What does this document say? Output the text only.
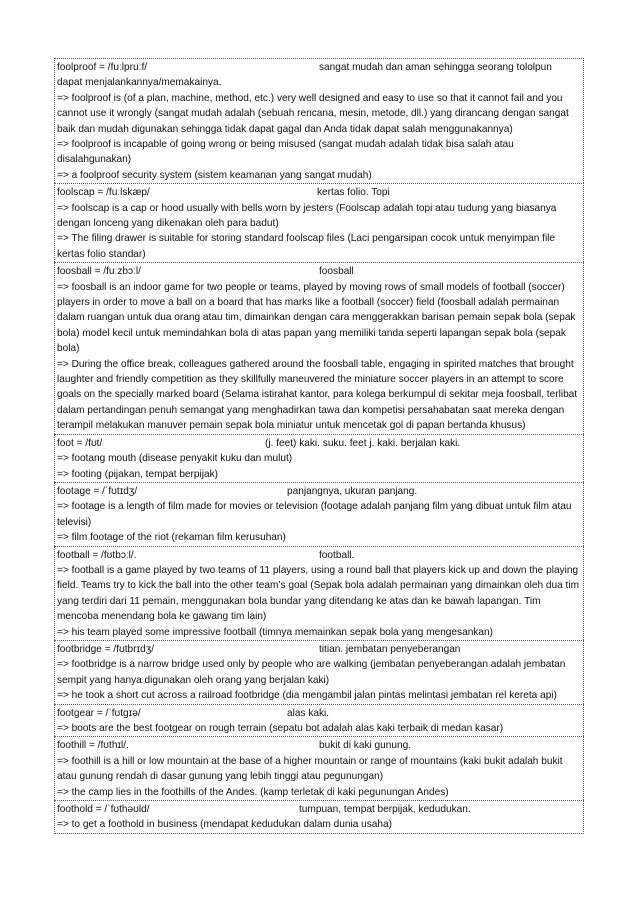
foolproof = /fuːlpruːf/	sangat mudah dan aman sehingga seorang tololpun
dapat menjalankannya/memakainya.
=> foolproof is (of a plan, machine, method, etc.) very well designed and easy to use so that it cannot fail and you cannot use it wrongly (sangat mudah adalah (sebuah rencana, mesin, metode, dll.) yang dirancang dengan sangat baik dan mudah digunakan sehingga tidak dapat gagal dan Anda tidak dapat salah menggunakannya)
=> foolproof is incapable of going wrong or being misused (sangat mudah adalah tidak bisa salah atau disalahgunakan)
=> a foolproof security system (sistem keamanan yang sangat mudah)
foolscap = /fuːlskæp/	kertas folio. Topi
=> foolscap is a cap or hood usually with bells worn by jesters (Foolscap adalah topi atau tudung yang biasanya dengan lonceng yang dikenakan oleh para badut)
=> The filing drawer is suitable for storing standard foolscap files (Laci pengarsipan cocok untuk menyimpan file kertas folio standar)
foosball = /fuːzbɔːl/	foosball
=> foosball is an indoor game for two people or teams, played by moving rows of small models of football (soccer) players in order to move a ball on a board that has marks like a football (soccer) field (foosball adalah permainan dalam ruangan untuk dua orang atau tim, dimainkan dengan cara menggerakkan barisan pemain sepak bola (sepak bola) model kecil untuk memindahkan bola di atas papan yang memiliki tanda seperti lapangan sepak bola (sepak bola)
=> During the office break, colleagues gathered around the foosball table, engaging in spirited matches that brought laughter and friendly competition as they skillfully maneuvered the miniature soccer players in an attempt to score goals on the specially marked board (Selama istirahat kantor, para kolega berkumpul di sekitar meja foosball, terlibat dalam pertandingan penuh semangat yang menghadirkan tawa dan kompetisi persahabatan saat mereka dengan terampil melakukan manuver pemain sepak bola miniatur untuk mencetak gol di papan bertanda khusus)
foot = /fʊt/	(j. feet) kaki. suku. feet j. kaki. berjalan kaki.
=> footang mouth (disease penyakit kuku dan mulut)
=> footing (pijakan, tempat berpijak)
footage = /ˈfʊtɪdʒ/	panjangnya, ukuran panjang.
=> footage is a length of film made for movies or television (footage adalah panjang film yang dibuat untuk film atau televisi)
=> film footage of the riot (rekaman film kerusuhan)
football = /fʊtbɔːl/.	football.
=> football is a game played by two teams of 11 players, using a round ball that players kick up and down the playing field. Teams try to kick the ball into the other team’s goal (Sepak bola adalah permainan yang dimainkan oleh dua tim yang terdiri dari 11 pemain, menggunakan bola bundar yang ditendang ke atas dan ke bawah lapangan. Tim mencoba menendang bola ke gawang tim lain)
=> his team played some impressive football (timnya memainkan sepak bola yang mengesankan)
footbridge = /fʊtbrɪdʒ/	titian. jembatan penyeberangan
=> footbridge is a narrow bridge used only by people who are walking (jembatan penyeberangan adalah jembatan sempit yang hanya digunakan oleh orang yang berjalan kaki)
=> he took a short cut across a railroad footbridge (dia mengambil jalan pintas melintasi jembatan rel kereta api)
footgear = /ˈfʊtgɪə/	alas kaki.
=> boots are the best footgear on rough terrain (sepatu bot adalah alas kaki terbaik di medan kasar)
foothill = /fʊthɪl/.	bukit di kaki gunung.
=> foothill is a hill or low mountain at the base of a higher mountain or range of mountains (kaki bukit adalah bukit atau gunung rendah di dasar gunung yang lebih tinggi atau pegunungan)
=> the camp lies in the foothills of the Andes. (kamp terletak di kaki pegunungan Andes)
foothold = /ˈfʊthəʊld/	tumpuan, tempat berpijak, kedudukan.
=> to get a foothold in business (mendapat kedudukan dalam dunia usaha)
